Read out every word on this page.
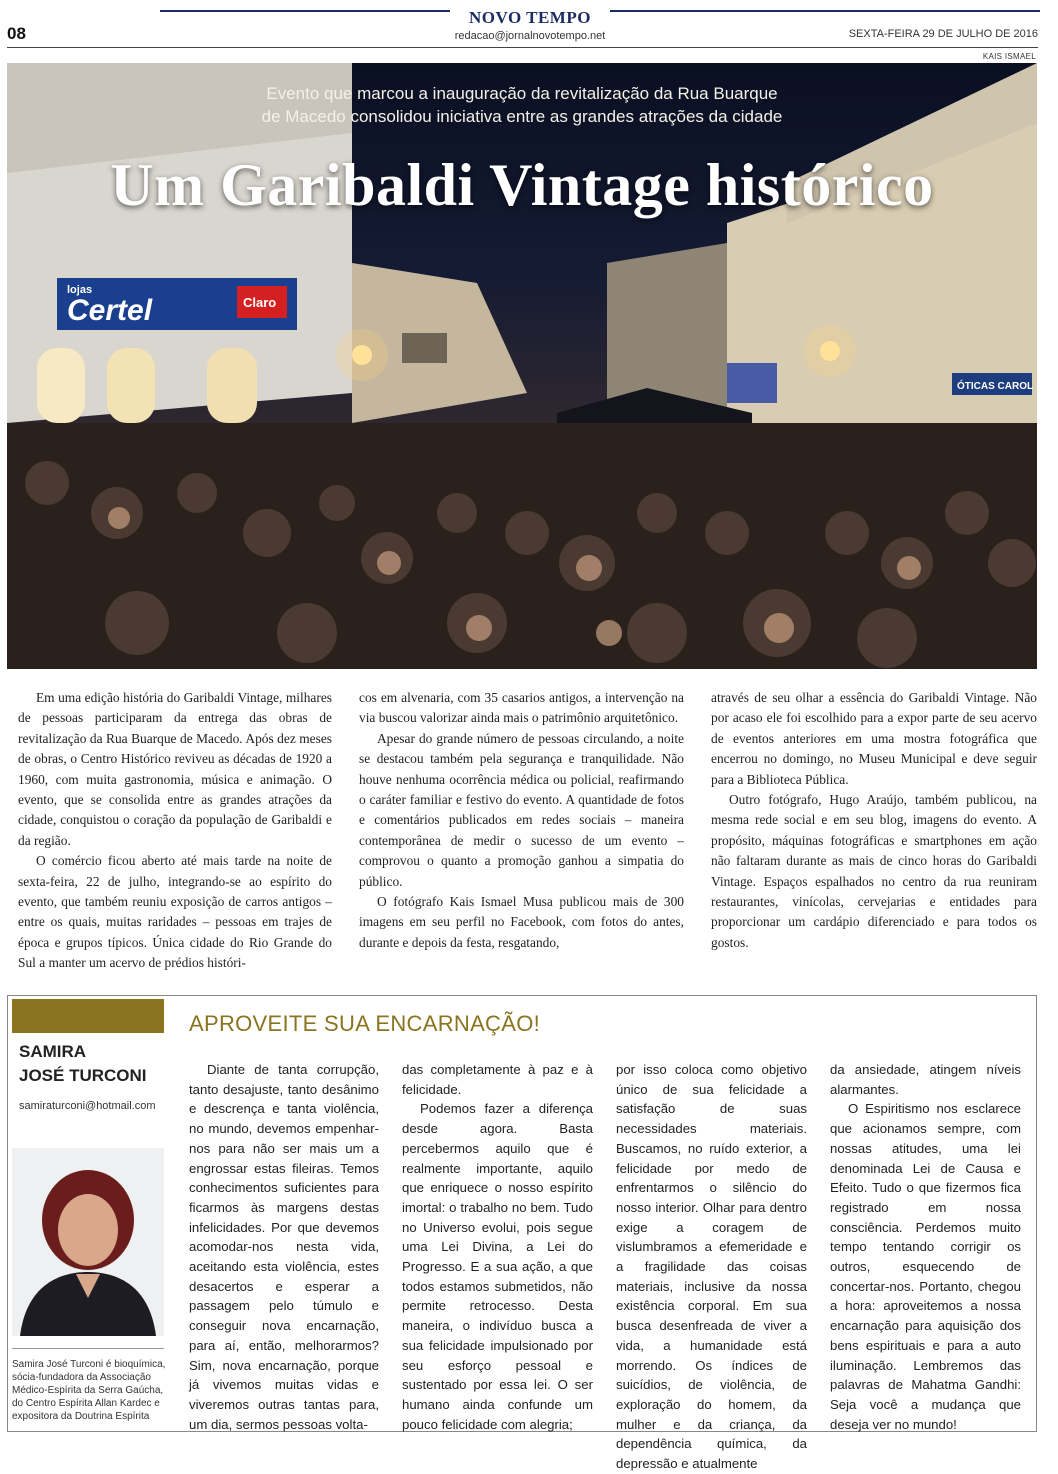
08
NOVO TEMPO
redacao@jornalnovotempo.net	SEXTA-FEIRA 29 DE JULHO DE 2016
KAIS ISMAEL
lojas
Certel	Claro
ÓTICAS CAROL
Evento que marcou a inauguração da revitalização da Rua Buarque
de Macedo consolidou iniciativa entre as grandes atrações da cidade
Um Garibaldi Vintage histórico

Em uma edição história do Garibaldi Vintage, milhares de pessoas participaram da entrega das obras de revitalização da Rua Buarque de Macedo. Após dez meses de obras, o Centro Histórico reviveu as décadas de 1920 a 1960, com muita gastronomia, música e animação. O evento, que se consolida entre as grandes atrações da cidade, conquistou o coração da população de Garibaldi e da região.

O comércio ficou aberto até mais tarde na noite de sexta-feira, 22 de julho, integrando-se ao espírito do evento, que também reuniu exposição de carros antigos – entre os quais, muitas raridades – pessoas em trajes de época e grupos típicos. Única cidade do Rio Grande do Sul a manter um acervo de prédios históri-

cos em alvenaria, com 35 casarios antigos, a intervenção na via buscou valorizar ainda mais o patrimônio arquitetônico.

Apesar do grande número de pessoas circulando, a noite se destacou também pela segurança e tranquilidade. Não houve nenhuma ocorrência médica ou policial, reafirmando o caráter familiar e festivo do evento. A quantidade de fotos e comentários publicados em redes sociais – maneira contemporânea de medir o sucesso de um evento – comprovou o quanto a promoção ganhou a simpatia do público.

O fotógrafo Kais Ismael Musa publicou mais de 300 imagens em seu perfil no Facebook, com fotos do antes, durante e depois da festa, resgatando,

através de seu olhar a essência do Garibaldi Vintage. Não por acaso ele foi escolhido para a expor parte de seu acervo de eventos anteriores em uma mostra fotográfica que encerrou no domingo, no Museu Municipal e deve seguir para a Biblioteca Pública.

Outro fotógrafo, Hugo Araújo, também publicou, na mesma rede social e em seu blog, imagens do evento. A propósito, máquinas fotográficas e smartphones em ação não faltaram durante as mais de cinco horas do Garibaldi Vintage. Espaços espalhados no centro da rua reuniram restaurantes, vinícolas, cervejarias e entidades para proporcionar um cardápio diferenciado e para todos os gostos.

SAMIRA
JOSÉ TURCONI
samiraturconi@hotmail.com
Samira José Turconi é bioquímica, sócia-fundadora da Associação Médico-Espírita da Serra Gaúcha, do Centro Espírita Allan Kardec e expositora da Doutrina Espírita
APROVEITE SUA ENCARNAÇÃO!

Diante de tanta corrupção, tanto desajuste, tanto desânimo e descrença e tanta violência, no mundo, devemos empenhar-nos para não ser mais um a engrossar estas fileiras. Temos conhecimentos suficientes para ficarmos às margens destas infelicidades. Por que devemos acomodar-nos nesta vida, aceitando esta violência, estes desacertos e esperar a passagem pelo túmulo e conseguir nova encarnação, para aí, então, melhorarmos? Sim, nova encarnação, porque já vivemos muitas vidas e viveremos outras tantas para, um dia, sermos pessoas volta-

das completamente à paz e à felicidade.

Podemos fazer a diferença desde agora. Basta percebermos aquilo que é realmente importante, aquilo que enriquece o nosso espírito imortal: o trabalho no bem. Tudo no Universo evolui, pois segue uma Lei Divina, a Lei do Progresso. E a sua ação, a que todos estamos submetidos, não permite retrocesso. Desta maneira, o indivíduo busca a sua felicidade impulsionado por seu esforço pessoal e sustentado por essa lei. O ser humano ainda confunde um pouco felicidade com alegria;

por isso coloca como objetivo único de sua felicidade a satisfação de suas necessidades materiais. Buscamos, no ruído exterior, a felicidade por medo de enfrentarmos o silêncio do nosso interior. Olhar para dentro exige a coragem de vislumbramos a efemeridade e a fragilidade das coisas materiais, inclusive da nossa existência corporal. Em sua busca desenfreada de viver a vida, a humanidade está morrendo. Os índices de suicídios, de violência, de exploração do homem, da mulher e da criança, da dependência química, da depressão e atualmente

da ansiedade, atingem níveis alarmantes.

O Espiritismo nos esclarece que acionamos sempre, com nossas atitudes, uma lei denominada Lei de Causa e Efeito. Tudo o que fizermos fica registrado em nossa consciência. Perdemos muito tempo tentando corrigir os outros, esquecendo de concertar-nos. Portanto, chegou a hora: aproveitemos a nossa encarnação para aquisição dos bens espirituais e para a auto iluminação. Lembremos das palavras de Mahatma Gandhi: Seja você a mudança que deseja ver no mundo!
